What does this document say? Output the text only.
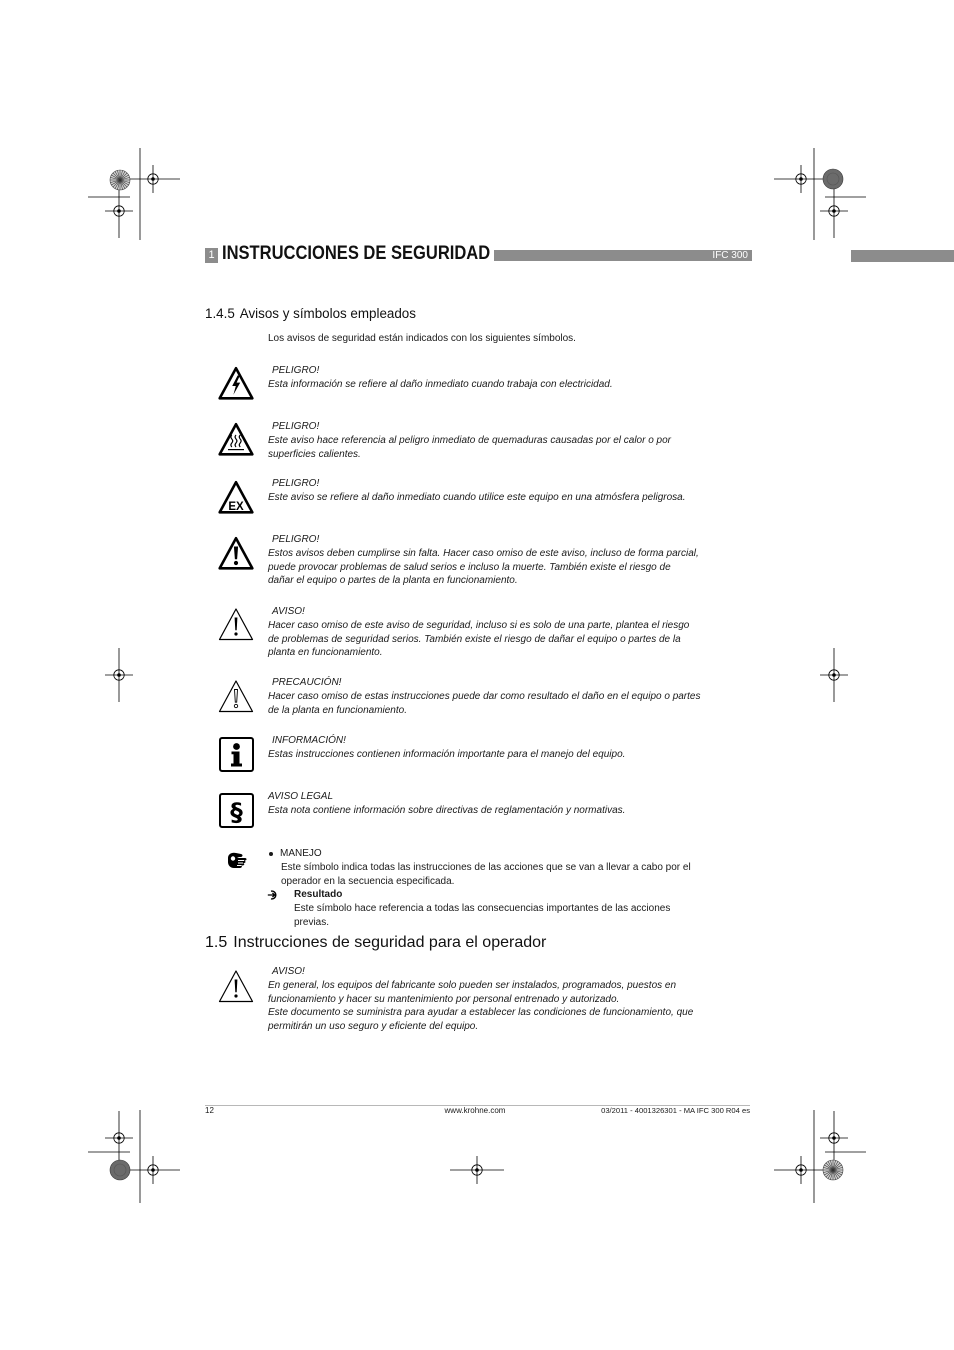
1 INSTRUCCIONES DE SEGURIDAD	IFC 300
1.4.5 Avisos y símbolos empleados
Los avisos de seguridad están indicados con los siguientes símbolos.
PELIGRO!
Esta información se refiere al daño inmediato cuando trabaja con electricidad.
PELIGRO!
Este aviso hace referencia al peligro inmediato de quemaduras causadas por el calor o por
superficies calientes.
EX
PELIGRO!
Este aviso se refiere al daño inmediato cuando utilice este equipo en una atmósfera peligrosa.
PELIGRO!
Estos avisos deben cumplirse sin falta. Hacer caso omiso de este aviso, incluso de forma parcial,
puede provocar problemas de salud serios e incluso la muerte. También existe el riesgo de
dañar el equipo o partes de la planta en funcionamiento.
AVISO!
Hacer caso omiso de este aviso de seguridad, incluso si es solo de una parte, plantea el riesgo
de problemas de seguridad serios. También existe el riesgo de dañar el equipo o partes de la
planta en funcionamiento.
PRECAUCIÓN!
Hacer caso omiso de estas instrucciones puede dar como resultado el daño en el equipo o partes
de la planta en funcionamiento.
INFORMACIÓN!
Estas instrucciones contienen información importante para el manejo del equipo.
§
AVISO LEGAL
Esta nota contiene información sobre directivas de reglamentación y normativas.
MANEJO
Este símbolo indica todas las instrucciones de las acciones que se van a llevar a cabo por el
operador en la secuencia especificada.
Resultado
Este símbolo hace referencia a todas las consecuencias importantes de las acciones
previas.
1.5 Instrucciones de seguridad para el operador
AVISO!
En general, los equipos del fabricante solo pueden ser instalados, programados, puestos en
funcionamiento y hacer su mantenimiento por personal entrenado y autorizado.
Este documento se suministra para ayudar a establecer las condiciones de funcionamiento, que
permitirán un uso seguro y eficiente del equipo.
12	www.krohne.com	03/2011 - 4001326301 - MA IFC 300 R04 es
